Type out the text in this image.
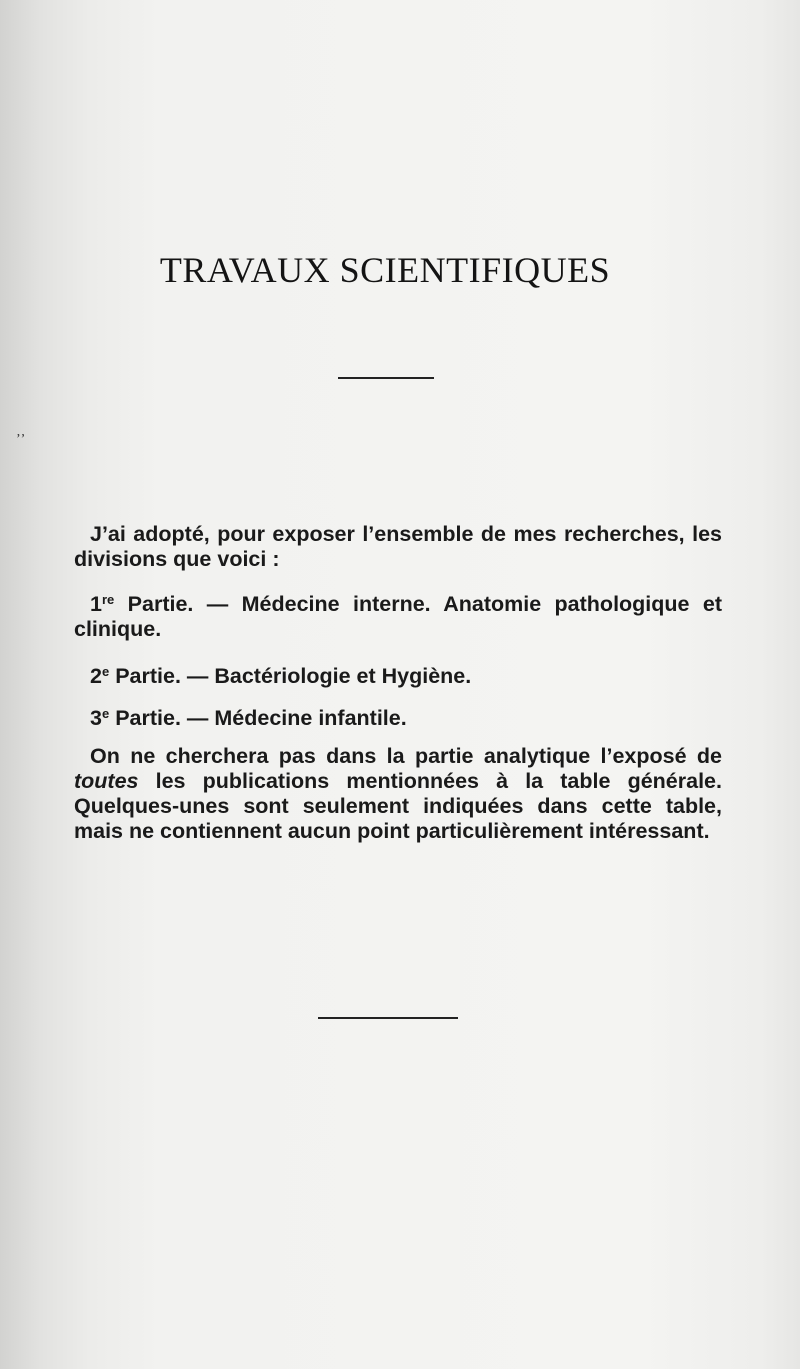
TRAVAUX SCIENTIFIQUES
’ʼ

J’ai adopté, pour exposer l’ensemble de mes recherches, les divisions que voici :

1re Partie. — Médecine interne. Anatomie pathologique et clinique.

2e Partie. — Bactériologie et Hygiène.

3e Partie. — Médecine infantile.

On ne cherchera pas dans la partie analytique l’exposé de toutes les publications mentionnées à la table générale. Quelques-unes sont seulement indiquées dans cette table, mais ne contiennent aucun point particulièrement intéressant.
